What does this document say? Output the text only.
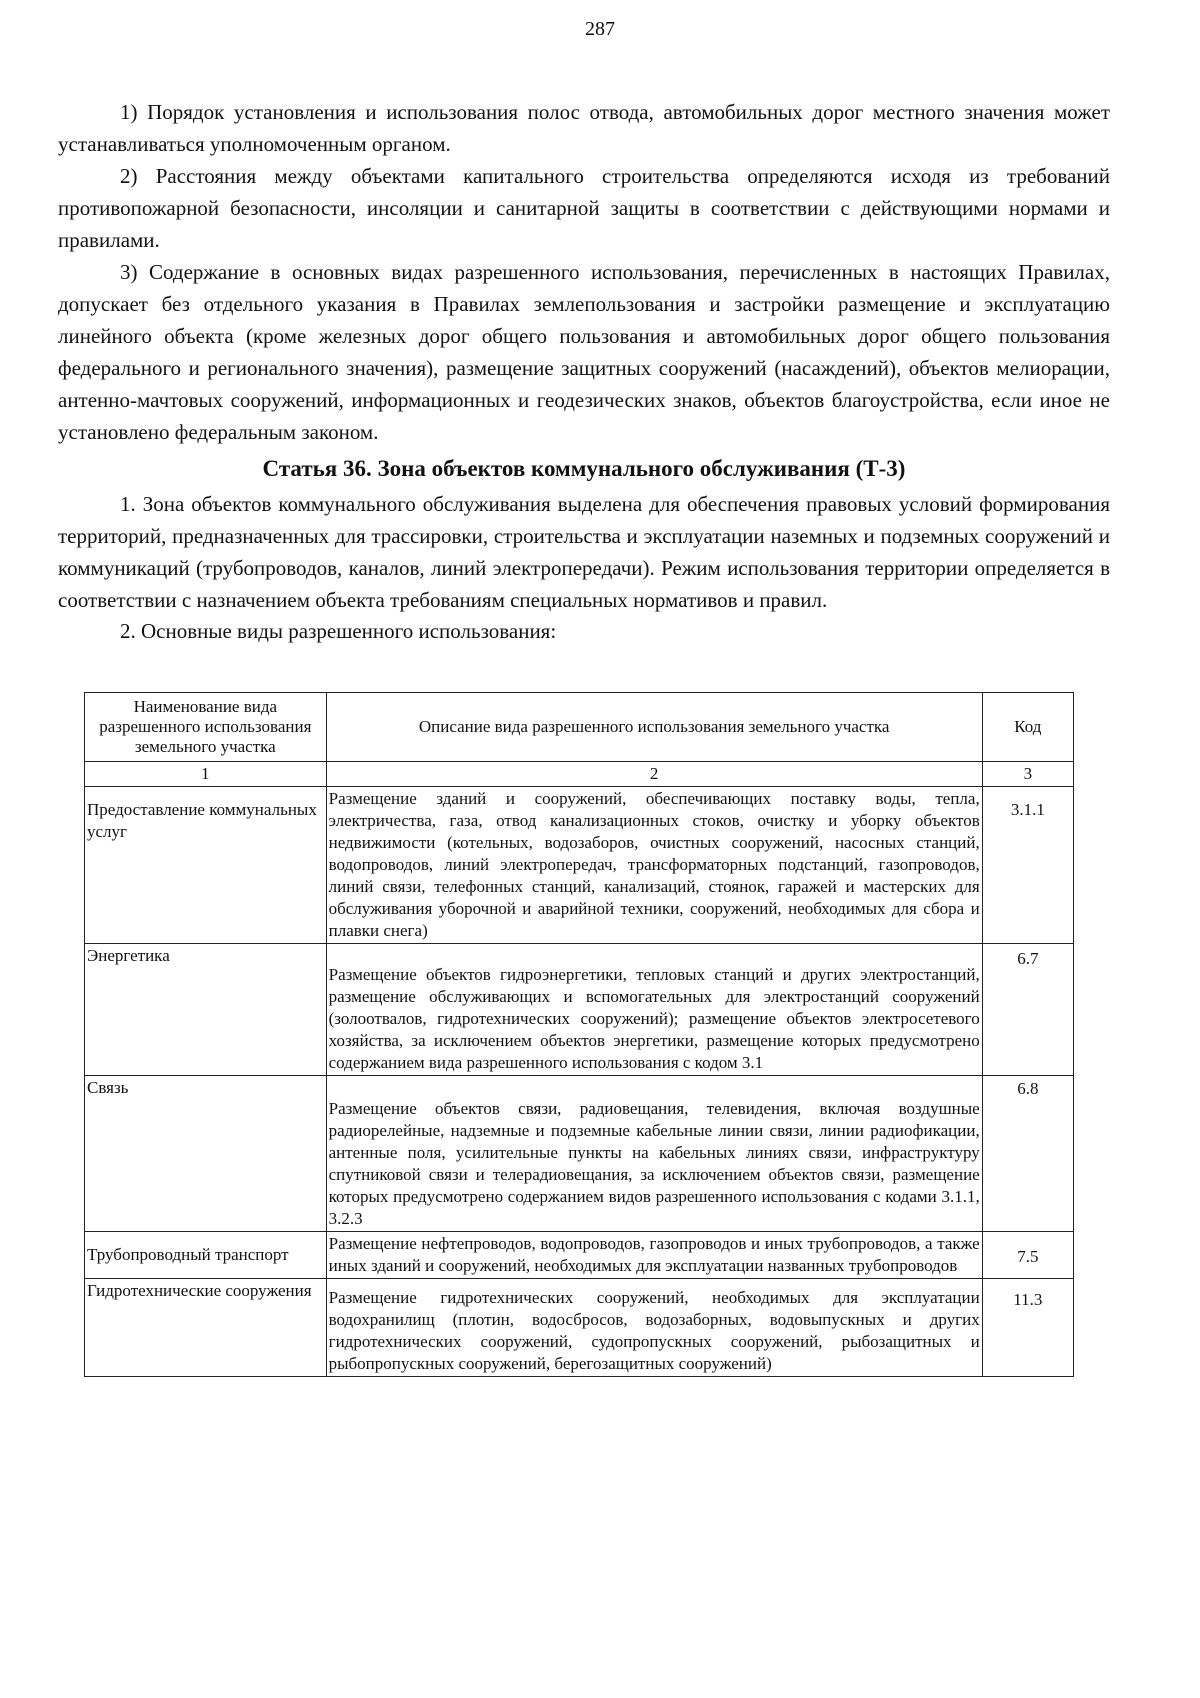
287

1) Порядок установления и использования полос отвода, автомобильных дорог местного значения может устанавливаться уполномоченным органом.

2) Расстояния между объектами капитального строительства определяются исходя из требований противопожарной безопасности, инсоляции и санитарной защиты в соответствии с действующими нормами и правилами.

3) Содержание в основных видах разрешенного использования, перечисленных в настоящих Правилах, допускает без отдельного указания в Правилах землепользования и застройки размещение и эксплуатацию линейного объекта (кроме железных дорог общего пользования и автомобильных дорог общего пользования федерального и регионального значения), размещение защитных сооружений (насаждений), объектов мелиорации, антенно-мачтовых сооружений, информационных и геодезических знаков, объектов благоустройства, если иное не установлено федеральным законом.

Статья 36. Зона объектов коммунального обслуживания (Т-3)

1. Зона объектов коммунального обслуживания выделена для обеспечения правовых условий формирования территорий, предназначенных для трассировки, строительства и эксплуатации наземных и подземных сооружений и коммуникаций (трубопроводов, каналов, линий электропередачи). Режим использования территории определяется в соответствии с назначением объекта требованиям специальных нормативов и правил.

2. Основные виды разрешенного использования:

Наименование вида разрешенного использования земельного участка	Описание вида разрешенного использования земельного участка	Код
1	2	3
Предоставление коммунальных услуг	Размещение зданий и сооружений, обеспечивающих поставку воды, тепла, электричества, газа, отвод канализационных стоков, очистку и уборку объектов недвижимости (котельных, водозаборов, очистных сооружений, насосных станций, водопроводов, линий электропередач, трансформаторных подстанций, газопроводов, линий связи, телефонных станций, канализаций, стоянок, гаражей и мастерских для обслуживания уборочной и аварийной техники, сооружений, необходимых для сбора и плавки снега)	3.1.1
Энергетика	Размещение объектов гидроэнергетики, тепловых станций и других электростанций, размещение обслуживающих и вспомогательных для электростанций сооружений (золоотвалов, гидротехнических сооружений); размещение объектов электросетевого хозяйства, за исключением объектов энергетики, размещение которых предусмотрено содержанием вида разрешенного использования с кодом 3.1	6.7
Связь	Размещение объектов связи, радиовещания, телевидения, включая воздушные радиорелейные, надземные и подземные кабельные линии связи, линии радиофикации, антенные поля, усилительные пункты на кабельных линиях связи, инфраструктуру спутниковой связи и телерадиовещания, за исключением объектов связи, размещение которых предусмотрено содержанием видов разрешенного использования с кодами 3.1.1, 3.2.3	6.8
Трубопроводный транспорт	Размещение нефтепроводов, водопроводов, газопроводов и иных трубопроводов, а также иных зданий и сооружений, необходимых для эксплуатации названных трубопроводов	7.5
Гидротехнические сооружения	Размещение гидротехнических сооружений, необходимых для эксплуатации водохранилищ (плотин, водосбросов, водозаборных, водовыпускных и других гидротехнических сооружений, судопропускных сооружений, рыбозащитных и рыбопропускных сооружений, берегозащитных сооружений)	11.3
